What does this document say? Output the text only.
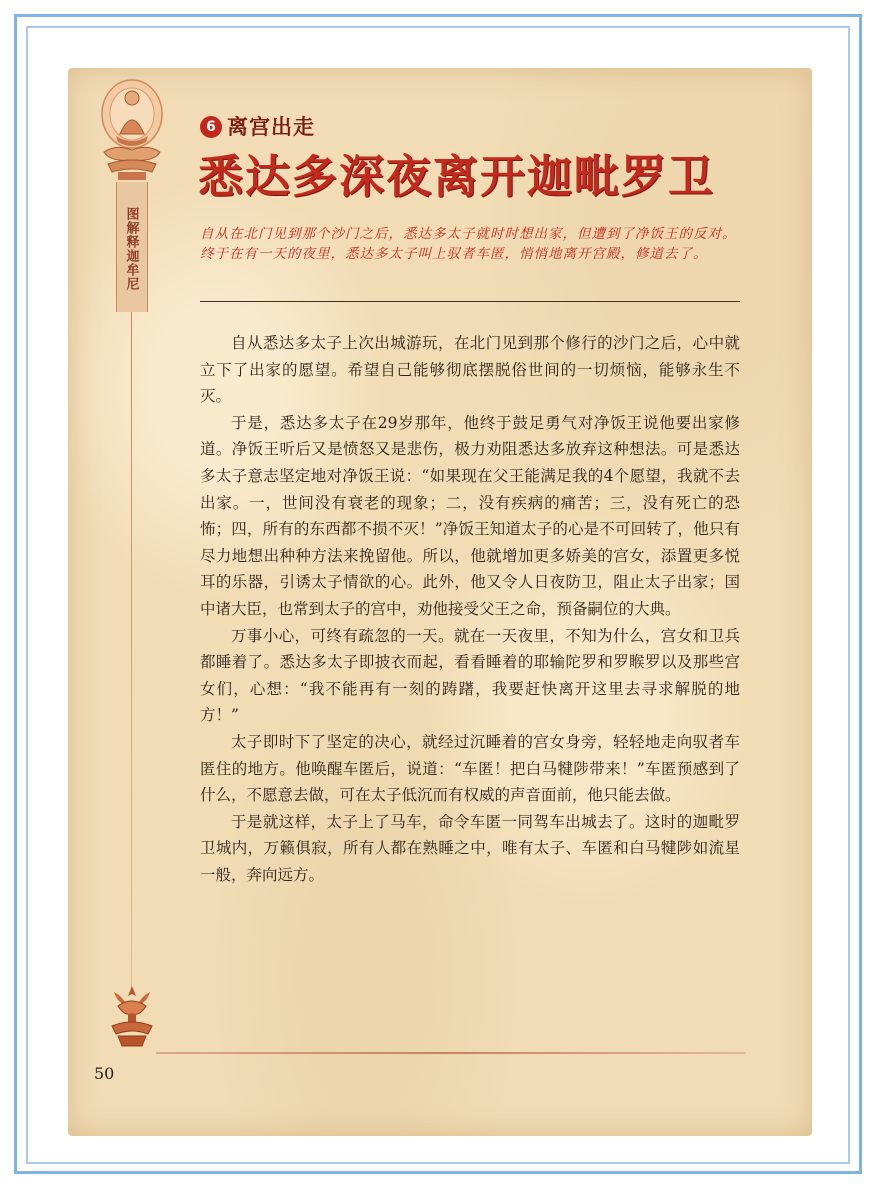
图解释迦牟尼
6 离宫出走
悉达多深夜离开迦毗罗卫
自从在北门见到那个沙门之后，悉达多太子就时时想出家，但遭到了净饭王的反对。终于在有一天的夜里，悉达多太子叫上驭者车匿，悄悄地离开宫殿，修道去了。

自从悉达多太子上次出城游玩，在北门见到那个修行的沙门之后，心中就立下了出家的愿望。希望自己能够彻底摆脱俗世间的一切烦恼，能够永生不灭。

于是，悉达多太子在29岁那年，他终于鼓足勇气对净饭王说他要出家修道。净饭王听后又是愤怒又是悲伤，极力劝阻悉达多放弃这种想法。可是悉达多太子意志坚定地对净饭王说：“如果现在父王能满足我的4个愿望，我就不去出家。一，世间没有衰老的现象；二，没有疾病的痛苦；三，没有死亡的恐怖；四，所有的东西都不损不灭！”净饭王知道太子的心是不可回转了，他只有尽力地想出种种方法来挽留他。所以，他就增加更多娇美的宫女，添置更多悦耳的乐器，引诱太子情欲的心。此外，他又令人日夜防卫，阻止太子出家；国中诸大臣，也常到太子的宫中，劝他接受父王之命，预备嗣位的大典。

万事小心，可终有疏忽的一天。就在一天夜里，不知为什么，宫女和卫兵都睡着了。悉达多太子即披衣而起，看看睡着的耶输陀罗和罗睺罗以及那些宫女们，心想：“我不能再有一刻的踌躇，我要赶快离开这里去寻求解脱的地方！”

太子即时下了坚定的决心，就经过沉睡着的宫女身旁，轻轻地走向驭者车匿住的地方。他唤醒车匿后，说道：“车匿！把白马犍陟带来！”车匿预感到了什么，不愿意去做，可在太子低沉而有权威的声音面前，他只能去做。

于是就这样，太子上了马车，命令车匿一同驾车出城去了。这时的迦毗罗卫城内，万籁俱寂，所有人都在熟睡之中，唯有太子、车匿和白马犍陟如流星一般，奔向远方。

50
